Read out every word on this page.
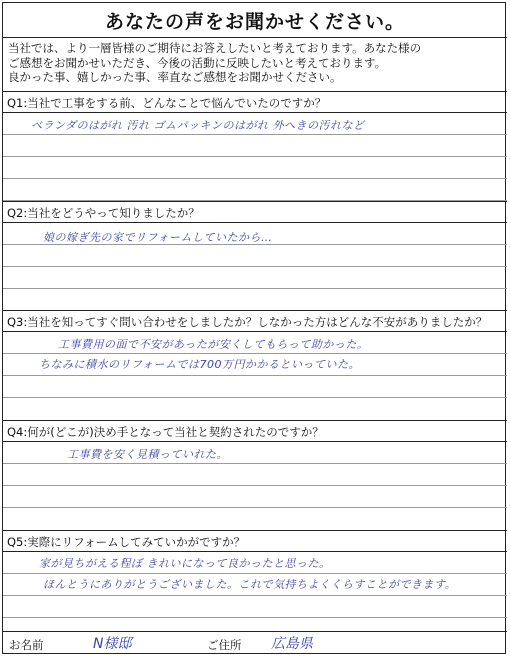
あなたの声をお聞かせください。
当社では、より一層皆様のご期待にお答えしたいと考えております。あなた様の
ご感想をお聞かせいただき、今後の活動に反映したいと考えております。
良かった事、嬉しかった事、率直なご感想をお聞かせください。
Q1:当社で工事をする前、どんなことで悩んでいたのですか？
ベランダのはがれ 汚れ ゴムパッキンのはがれ 外へきの汚れなど
Q2:当社をどうやって知りましたか？
娘の嫁ぎ先の家でリフォームしていたから…
Q3:当社を知ってすぐ問い合わせをしましたか？しなかった方はどんな不安がありましたか？
工事費用の面で不安があったが安くしてもらって助かった。
ちなみに積水のリフォームでは700万円かかるといっていた。
Q4:何が(どこが)決め手となって当社と契約されたのですか？
工事費を安く見積っていれた。
Q5:実際にリフォームしてみていかがですか？
家が見ちがえる程ぼ きれいになって良かったと思った。
ほんとうにありがとうございました。これで気持ちよくくらすことができます。
お名前	N様邸	ご住所 広島県
